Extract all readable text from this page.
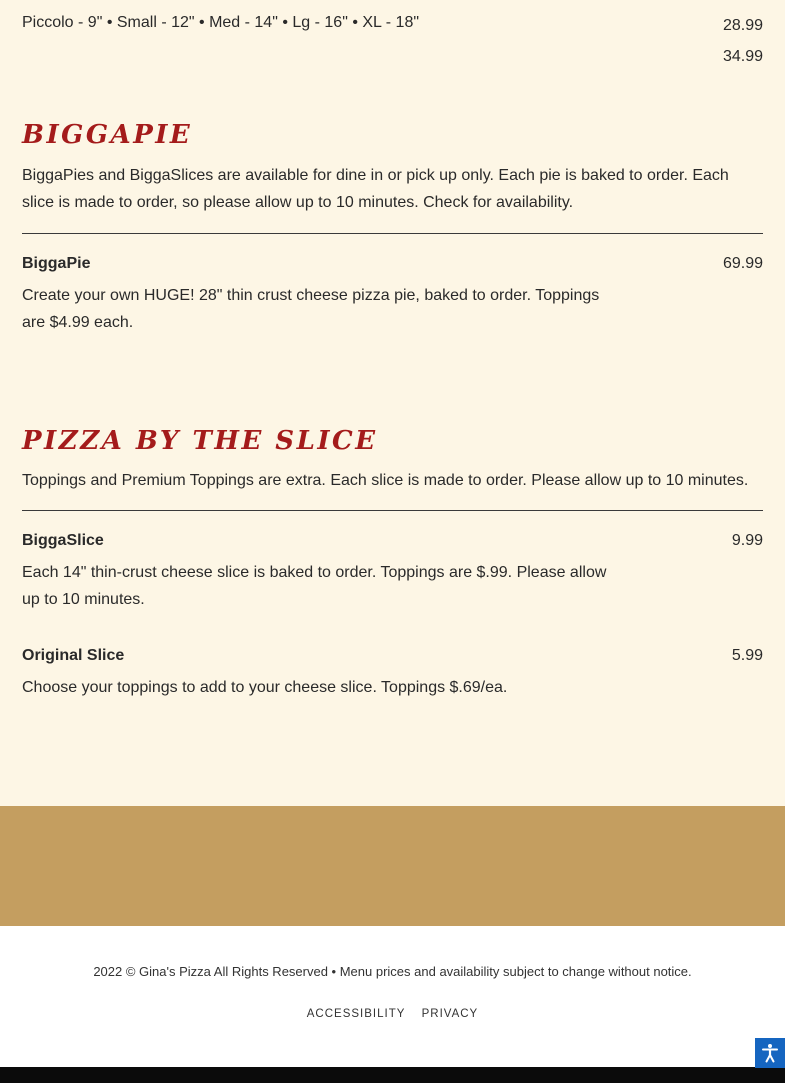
Piccolo - 9" • Small - 12" • Med - 14" • Lg - 16" • XL - 18"	28.99
34.99
BIGGAPIE

BiggaPies and BiggaSlices are available for dine in or pick up only. Each pie is baked to order. Each slice is made to order, so please allow up to 10 minutes. Check for availability.

BiggaPie	69.99

Create your own HUGE! 28" thin crust cheese pizza pie, baked to order. Toppings are $4.99 each.

PIZZA BY THE SLICE

Toppings and Premium Toppings are extra. Each slice is made to order. Please allow up to 10 minutes.

BiggaSlice	9.99

Each 14" thin-crust cheese slice is baked to order. Toppings are $.99. Please allow up to 10 minutes.

Original Slice	5.99

Choose your toppings to add to your cheese slice. Toppings $.69/ea.

2022 © Gina's Pizza All Rights Reserved • Menu prices and availability subject to change without notice.
ACCESSIBILITY PRIVACY
